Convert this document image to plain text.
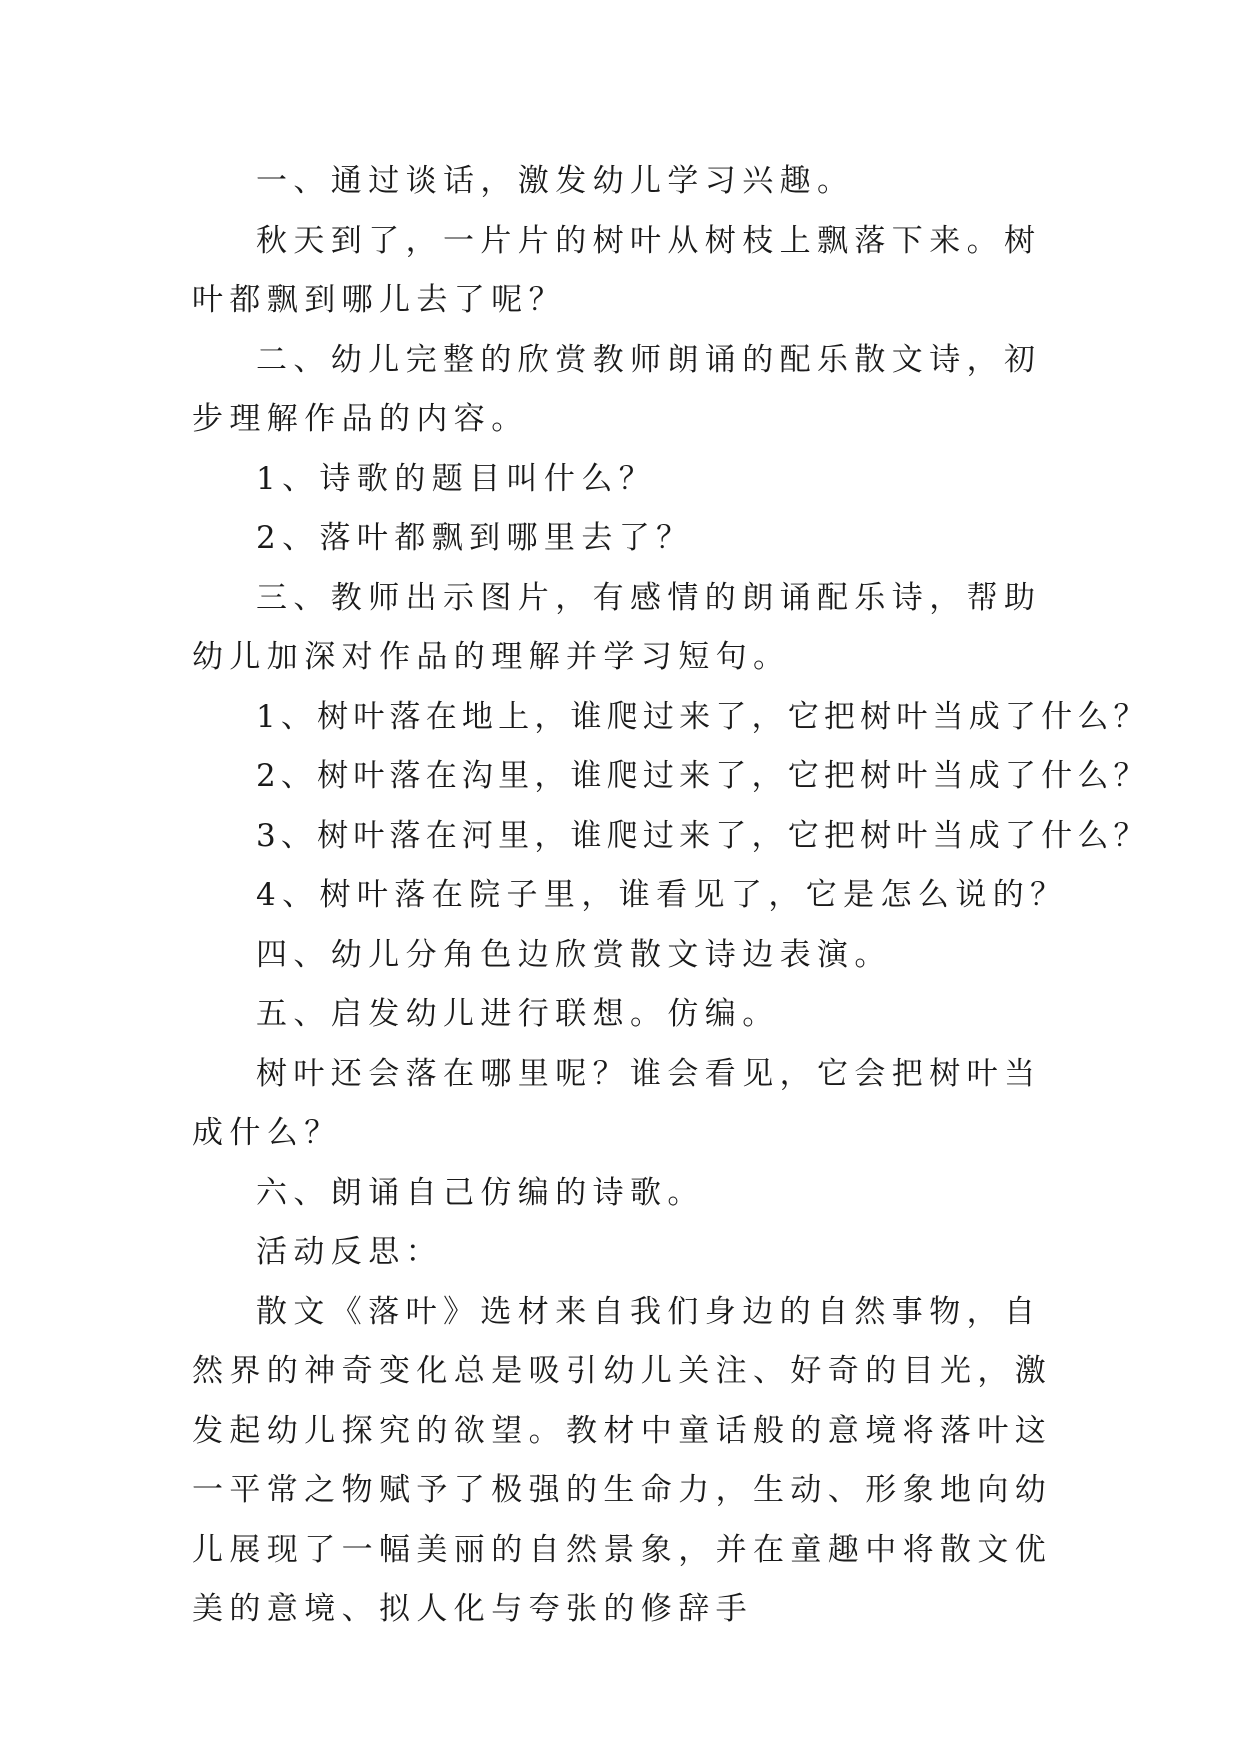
一、通过谈话，激发幼儿学习兴趣。

秋天到了，一片片的树叶从树枝上飘落下来。树叶都飘到哪儿去了呢？

二、幼儿完整的欣赏教师朗诵的配乐散文诗，初步理解作品的内容。

1、诗歌的题目叫什么？

2、落叶都飘到哪里去了？

三、教师出示图片，有感情的朗诵配乐诗，帮助幼儿加深对作品的理解并学习短句。

1、树叶落在地上，谁爬过来了，它把树叶当成了什么？

2、树叶落在沟里，谁爬过来了，它把树叶当成了什么？

3、树叶落在河里，谁爬过来了，它把树叶当成了什么？

4、树叶落在院子里，谁看见了，它是怎么说的？

四、幼儿分角色边欣赏散文诗边表演。

五、启发幼儿进行联想。仿编。

树叶还会落在哪里呢？谁会看见，它会把树叶当成什么？

六、朗诵自己仿编的诗歌。

活动反思：

散文《落叶》选材来自我们身边的自然事物，自然界的神奇变化总是吸引幼儿关注、好奇的目光，激发起幼儿探究的欲望。教材中童话般的意境将落叶这一平常之物赋予了极强的生命力，生动、形象地向幼儿展现了一幅美丽的自然景象，并在童趣中将散文优美的意境、拟人化与夸张的修辞手
